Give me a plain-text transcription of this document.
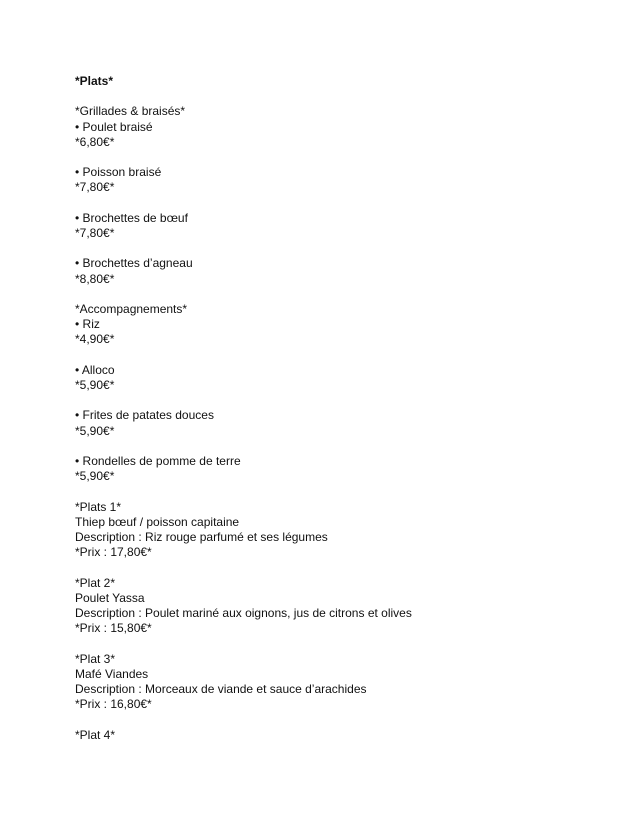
*Plats*
*Grillades & braisés*
• Poulet braisé
*6,80€*
• Poisson braisé
*7,80€*
• Brochettes de bœuf
*7,80€*
• Brochettes d’agneau
*8,80€*
*Accompagnements*
• Riz
*4,90€*
• Alloco
*5,90€*
• Frites de patates douces
*5,90€*
• Rondelles de pomme de terre
*5,90€*
*Plats 1*
Thiep bœuf / poisson capitaine
Description : Riz rouge parfumé et ses légumes
*Prix : 17,80€*
*Plat 2*
Poulet Yassa
Description : Poulet mariné aux oignons, jus de citrons et olives
*Prix : 15,80€*
*Plat 3*
Mafé Viandes
Description : Morceaux de viande et sauce d’arachides
*Prix : 16,80€*
*Plat 4*
